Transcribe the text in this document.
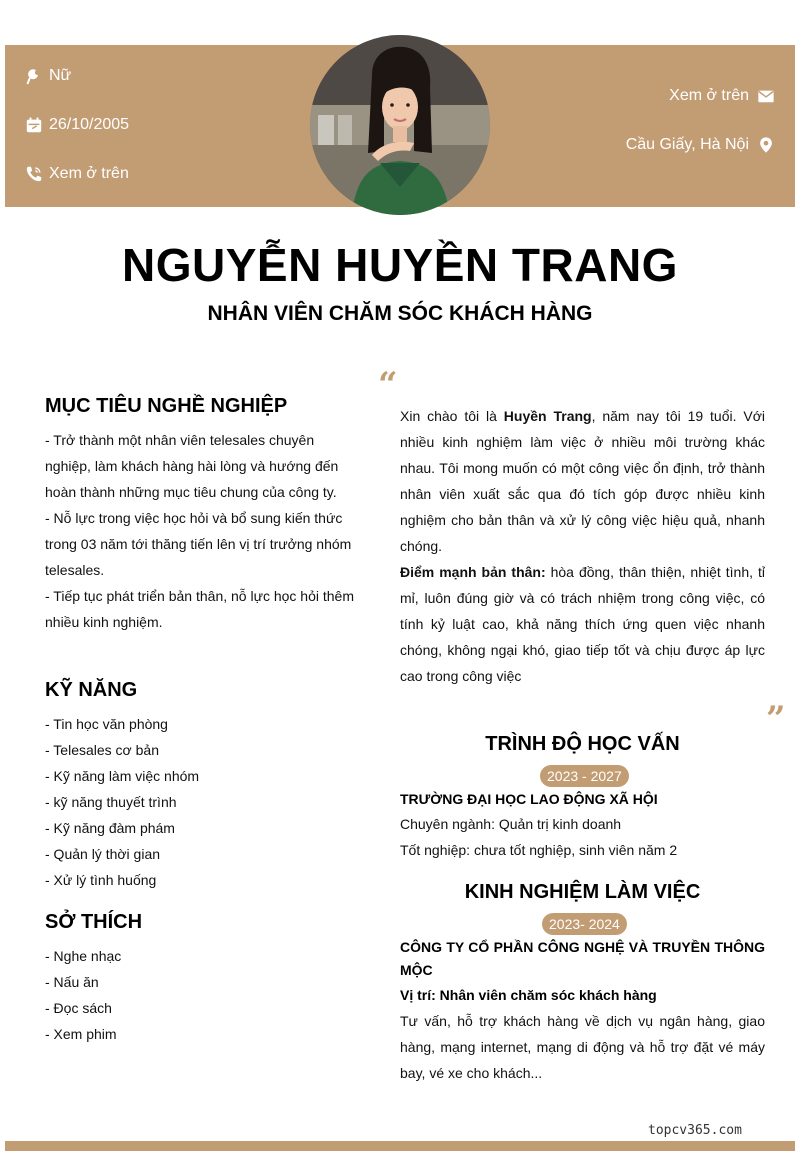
Nữ
26/10/2005
Xem ở trên
Xem ở trên
Cầu Giấy, Hà Nội
NGUYỄN HUYỀN TRANG
NHÂN VIÊN CHĂM SÓC KHÁCH HÀNG
MỤC TIÊU NGHỀ NGHIỆP
- Trở thành một nhân viên telesales chuyên
nghiệp, làm khách hàng hài lòng và hướng đến
hoàn thành những mục tiêu chung của công ty.
- Nỗ lực trong việc học hỏi và bổ sung kiến thức
trong 03 năm tới thăng tiến lên vị trí trưởng nhóm
telesales.
- Tiếp tục phát triển bản thân, nỗ lực học hỏi thêm
nhiều kinh nghiệm.
KỸ NĂNG
- Tin học văn phòng
- Telesales cơ bản
- Kỹ năng làm việc nhóm
- kỹ năng thuyết trình
- Kỹ năng đàm phám
- Quản lý thời gian
- Xử lý tình huống
SỞ THÍCH
- Nghe nhạc
- Nấu ăn
- Đọc sách
- Xem phim
“

Xin chào tôi là Huyền Trang, năm nay tôi 19 tuổi. Với nhiều kinh nghiệm làm việc ở nhiều môi trường khác nhau. Tôi mong muốn có một công việc ổn định, trở thành nhân viên xuất sắc qua đó tích góp được nhiều kinh nghiệm cho bản thân và xử lý công việc hiệu quả, nhanh chóng.

Điểm mạnh bản thân: hòa đồng, thân thiện, nhiệt tình, tỉ mỉ, luôn đúng giờ và có trách nhiệm trong công việc, có tính kỷ luật cao, khả năng thích ứng quen việc nhanh chóng, không ngại khó, giao tiếp tốt và chịu được áp lực cao trong công việc

”
TRÌNH ĐỘ HỌC VẤN
2023 - 2027
TRƯỜNG ĐẠI HỌC LAO ĐỘNG XÃ HỘI
Chuyên ngành: Quản trị kinh doanh
Tốt nghiệp: chưa tốt nghiệp, sinh viên năm 2
KINH NGHIỆM LÀM VIỆC
2023- 2024
CÔNG TY CỔ PHẦN CÔNG NGHỆ VÀ TRUYỀN THÔNG MỘC
Vị trí: Nhân viên chăm sóc khách hàng
Tư vấn, hỗ trợ khách hàng về dịch vụ ngân hàng, giao hàng, mạng internet, mạng di động và hỗ trợ đặt vé máy bay, vé xe cho khách...
topcv365.com
